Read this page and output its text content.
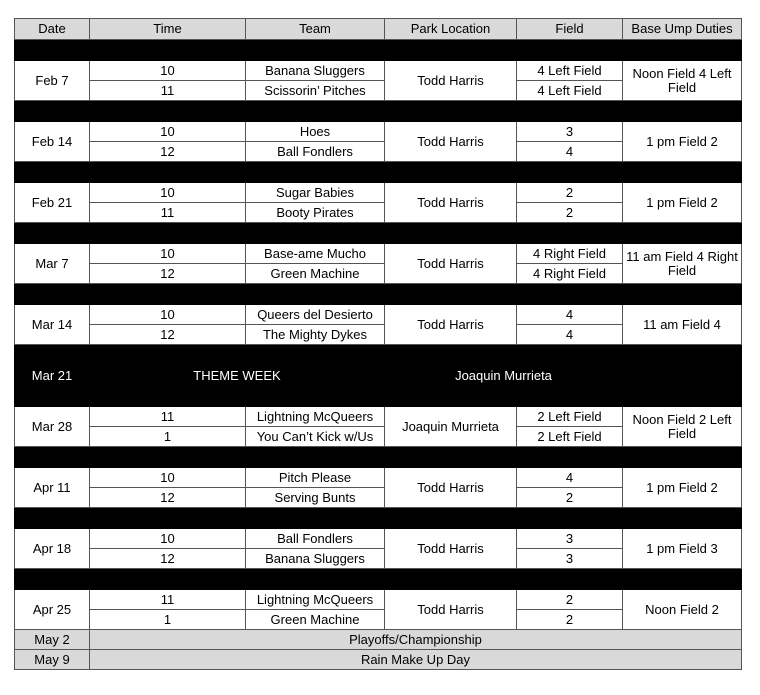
Date	Time	Team	Park Location	Field	Base Ump Duties

Feb 7	10	Banana Sluggers	Todd Harris	4 Left Field	Noon Field 4 Left Field
	11	Scissorin’ Pitches		4 Left Field	

Feb 14	10	Hoes	Todd Harris	3	1 pm Field 2
	12	Ball Fondlers		4	

Feb 21	10	Sugar Babies	Todd Harris	2	1 pm Field 2
	11	Booty Pirates		2	

Mar 7	10	Base-ame Mucho	Todd Harris	4 Right Field	11 am Field 4 Right Field
	12	Green Machine		4 Right Field	

Mar 14	10	Queers del Desierto	Todd Harris	4	11 am Field 4
	12	The Mighty Dykes		4	
Mar 21	THEME WEEK		Joaquin Murrieta		
Mar 28	11	Lightning McQueers	Joaquin Murrieta	2 Left Field	Noon Field 2 Left Field
	1	You Can’t Kick w/Us		2 Left Field	

Apr 11	10	Pitch Please	Todd Harris	4	1 pm Field 2
	12	Serving Bunts		2	

Apr 18	10	Ball Fondlers	Todd Harris	3	1 pm Field 3
	12	Banana Sluggers		3	

Apr 25	11	Lightning McQueers	Todd Harris	2	Noon Field 2
	1	Green Machine		2	
May 2	Playoffs/Championship				
May 9	Rain Make Up Day				
